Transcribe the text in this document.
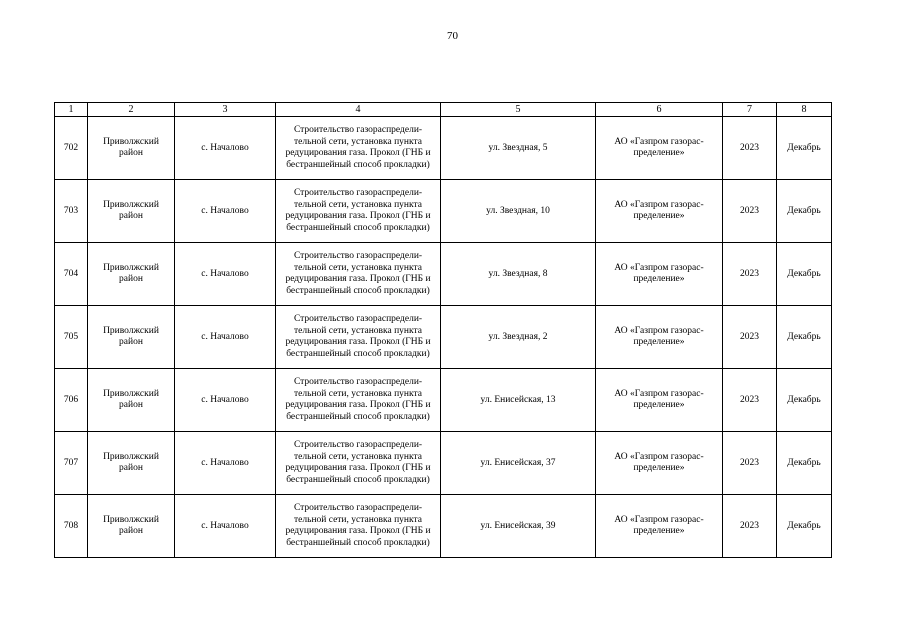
70
1	2	3	4	5	6	7	8
702	Приволжский район	с. Началово	Строительство газораспредели-тельной сети, установка пункта редуцирования газа. Прокол (ГНБ и бестраншейный способ прокладки)	ул. Звездная, 5	АО «Газпром газорас-пределение»	2023	Декабрь
703	Приволжский район	с. Началово	Строительство газораспредели-тельной сети, установка пункта редуцирования газа. Прокол (ГНБ и бестраншейный способ прокладки)	ул. Звездная, 10	АО «Газпром газорас-пределение»	2023	Декабрь
704	Приволжский район	с. Началово	Строительство газораспредели-тельной сети, установка пункта редуцирования газа. Прокол (ГНБ и бестраншейный способ прокладки)	ул. Звездная, 8	АО «Газпром газорас-пределение»	2023	Декабрь
705	Приволжский район	с. Началово	Строительство газораспредели-тельной сети, установка пункта редуцирования газа. Прокол (ГНБ и бестраншейный способ прокладки)	ул. Звездная, 2	АО «Газпром газорас-пределение»	2023	Декабрь
706	Приволжский район	с. Началово	Строительство газораспредели-тельной сети, установка пункта редуцирования газа. Прокол (ГНБ и бестраншейный способ прокладки)	ул. Енисейская, 13	АО «Газпром газорас-пределение»	2023	Декабрь
707	Приволжский район	с. Началово	Строительство газораспредели-тельной сети, установка пункта редуцирования газа. Прокол (ГНБ и бестраншейный способ прокладки)	ул. Енисейская, 37	АО «Газпром газорас-пределение»	2023	Декабрь
708	Приволжский район	с. Началово	Строительство газораспредели-тельной сети, установка пункта редуцирования газа. Прокол (ГНБ и бестраншейный способ прокладки)	ул. Енисейская, 39	АО «Газпром газорас-пределение»	2023	Декабрь
